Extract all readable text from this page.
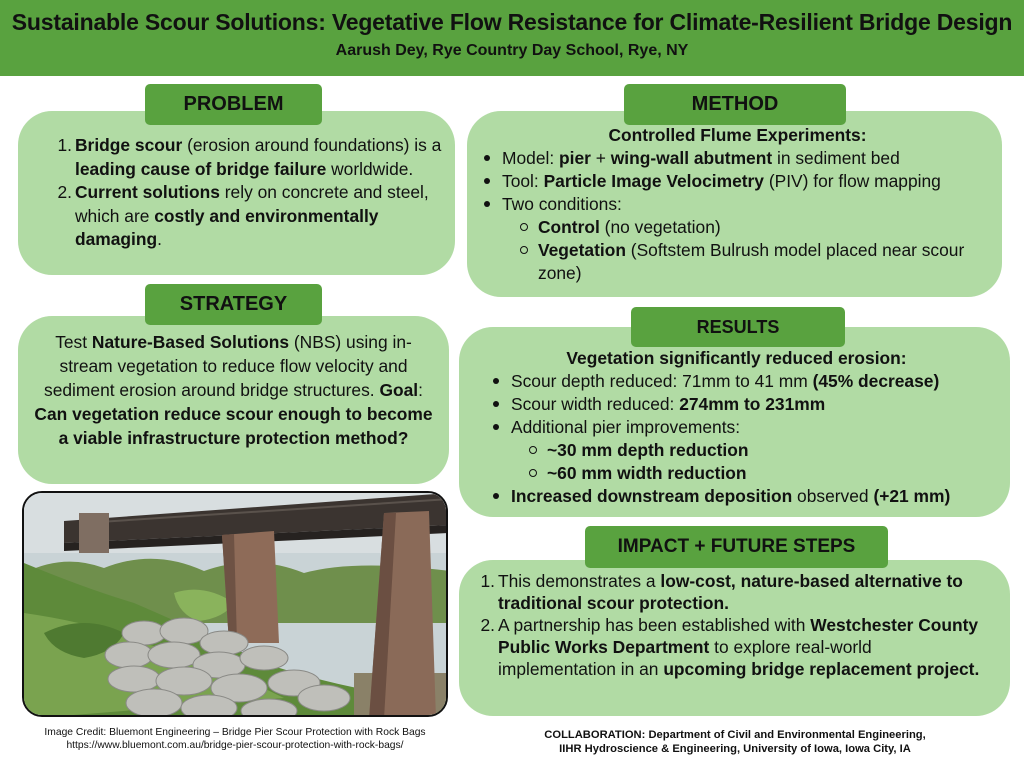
Sustainable Scour Solutions: Vegetative Flow Resistance for Climate-Resilient Bridge Design
Aarush Dey, Rye Country Day School, Rye, NY
1. Bridge scour (erosion around foundations) is a leading cause of bridge failure worldwide.
2. Current solutions rely on concrete and steel, which are costly and environmentally damaging.
PROBLEM
Test Nature-Based Solutions (NBS) using in-stream vegetation to reduce flow velocity and sediment erosion around bridge structures. Goal: Can vegetation reduce scour enough to become a viable infrastructure protection method?
STRATEGY
Image Credit: Bluemont Engineering – Bridge Pier Scour Protection with Rock Bags
https://www.bluemont.com.au/bridge-pier-scour-protection-with-rock-bags/
Controlled Flume Experiments:
Model: pier + wing-wall abutment in sediment bed
Tool: Particle Image Velocimetry (PIV) for flow mapping
Two conditions:
Control (no vegetation)
Vegetation (Softstem Bulrush model placed near scour zone)
METHOD
Vegetation significantly reduced erosion:
Scour depth reduced: 71mm to 41 mm (45% decrease)
Scour width reduced: 274mm to 231mm
Additional pier improvements:
~30 mm depth reduction
~60 mm width reduction
Increased downstream deposition observed (+21 mm)
RESULTS
1. This demonstrates a low-cost, nature-based alternative to traditional scour protection.
2. A partnership has been established with Westchester County Public Works Department to explore real-world implementation in an upcoming bridge replacement project.
IMPACT + FUTURE STEPS
COLLABORATION: Department of Civil and Environmental Engineering,
IIHR Hydroscience & Engineering, University of Iowa, Iowa City, IA
